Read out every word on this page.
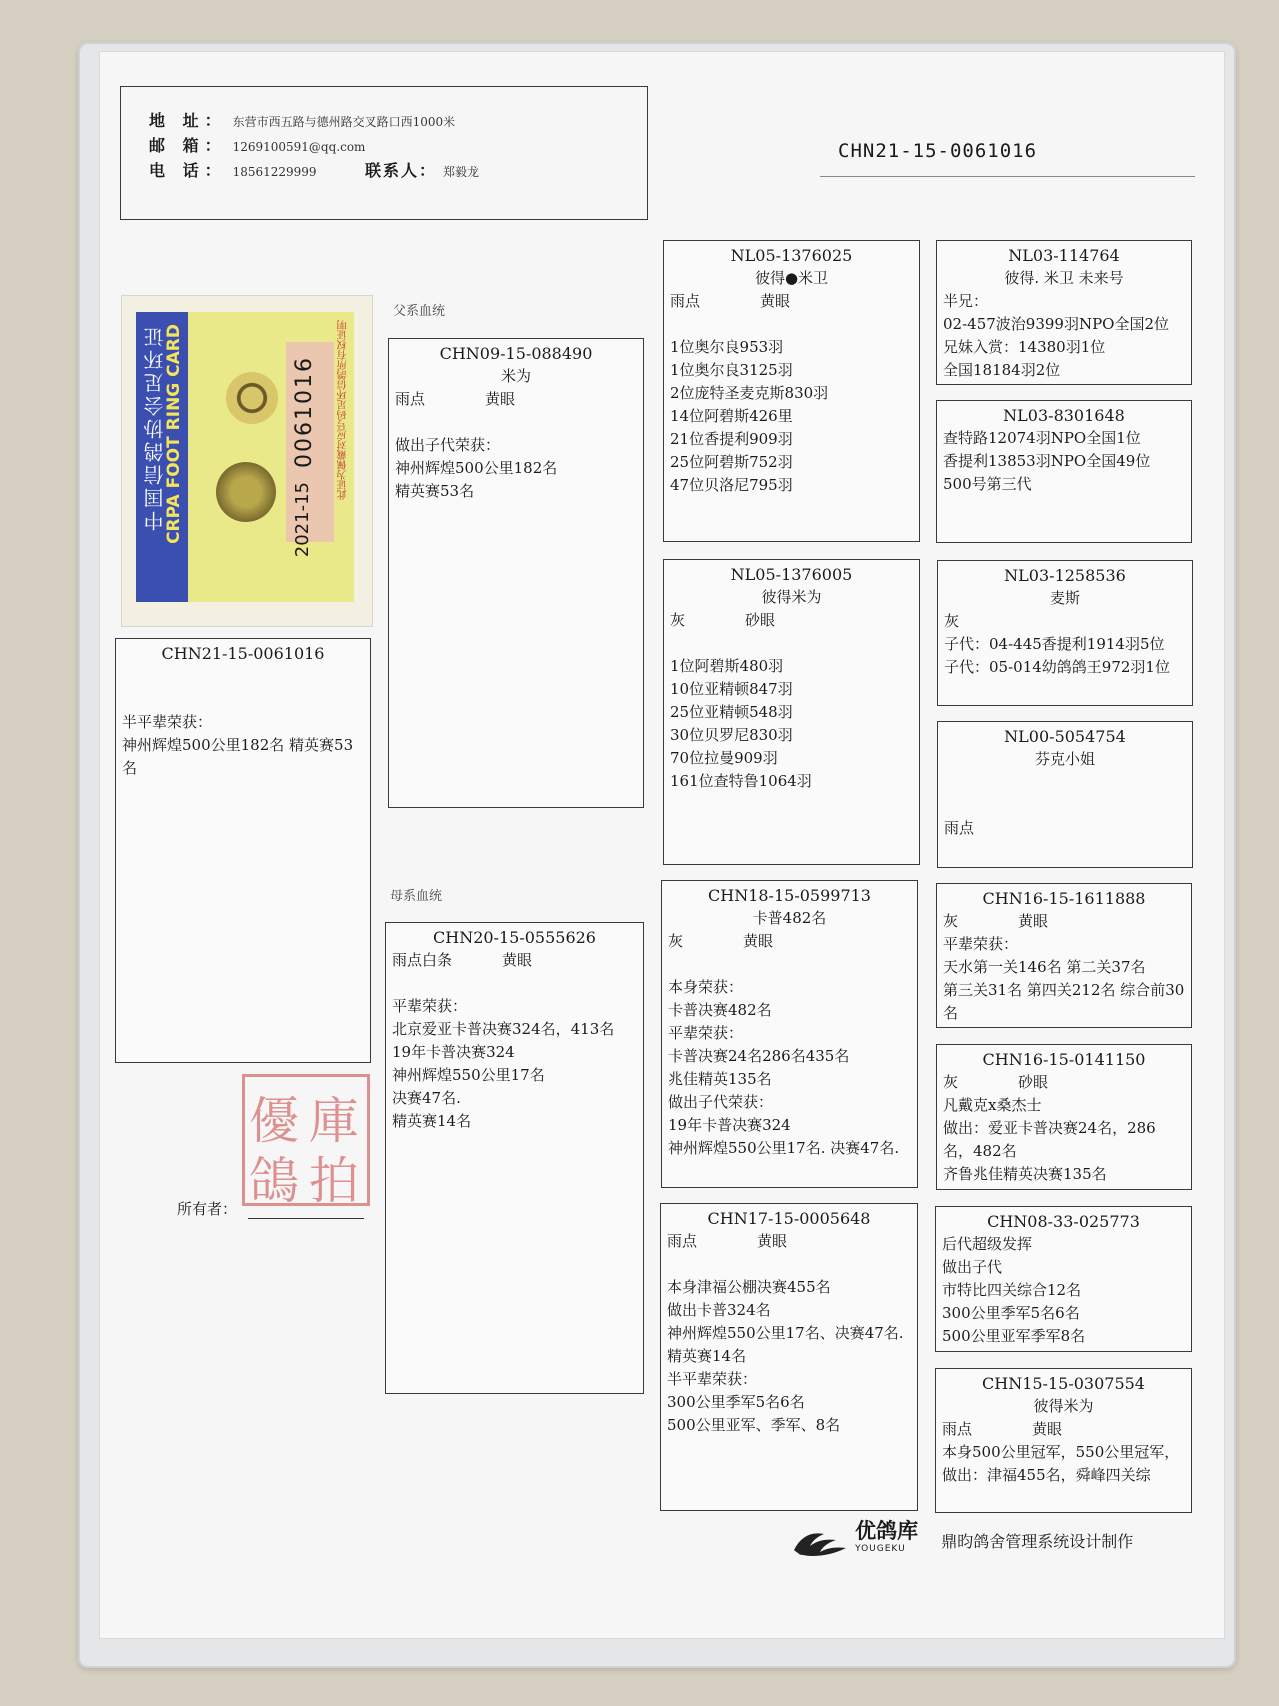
地 址： 东营市西五路与德州路交叉路口西1000米
邮 箱： 1269100591@qq.com
电 话： 18561229999	联系人： 郑毅龙
CHN21-15-0061016
中国信鸽协会足环证
CRPA FOOT RING CARD	0061016
2021-15
此证为佩戴对应号码足环信鸽所有权证明
父系血统
母系血统
CHN21-15-0061016
半平辈荣获：
神州辉煌500公里182名 精英赛53名
所有者：
優
鴿
庫
拍
CHN09-15-088490
米为
雨点	黄眼
做出子代荣获：
神州辉煌500公里182名
精英赛53名
CHN20-15-0555626
雨点白条	黄眼
平辈荣获：
北京爱亚卡普决赛324名，413名
19年卡普决赛324
神州辉煌550公里17名
决赛47名.
精英赛14名
NL05-1376025
彼得●米卫
雨点	黄眼
1位奥尔良953羽
1位奥尔良3125羽
2位庞特圣麦克斯830羽
14位阿碧斯426里
21位香提利909羽
25位阿碧斯752羽
47位贝洛尼795羽
NL05-1376005
彼得米为
灰	砂眼
1位阿碧斯480羽
10位亚精顿847羽
25位亚精顿548羽
30位贝罗尼830羽
70位拉曼909羽
161位查特鲁1064羽
CHN18-15-0599713
卡普482名
灰	黄眼
本身荣获：
卡普决赛482名
平辈荣获：
卡普决赛24名286名435名
兆佳精英135名
做出子代荣获：
19年卡普决赛324
神州辉煌550公里17名. 决赛47名.
CHN17-15-0005648
雨点	黄眼
本身津福公棚决赛455名
做出卡普324名
神州辉煌550公里17名、决赛47名.
精英赛14名
半平辈荣获：
300公里季军5名6名
500公里亚军、季军、8名
NL03-114764
彼得. 米卫 未来号
半兄：
02-457波治9399羽NPO全国2位
兄妹入赏：14380羽1位
全国18184羽2位
NL03-8301648
查特路12074羽NPO全国1位
香提利13853羽NPO全国49位
500号第三代
NL03-1258536
麦斯
灰
子代：04-445香提利1914羽5位
子代：05-014幼鸽鸽王972羽1位
NL00-5054754
芬克小姐

雨点

CHN16-15-1611888
灰	黄眼
平辈荣获：
天水第一关146名 第二关37名
第三关31名 第四关212名 综合前30名
CHN16-15-0141150
灰	砂眼
凡戴克x桑杰士
做出：爱亚卡普决赛24名，286名，482名
齐鲁兆佳精英决赛135名
CHN08-33-025773
后代超级发挥
做出子代
市特比四关综合12名
300公里季军5名6名
500公里亚军季军8名
CHN15-15-0307554
彼得米为
雨点	黄眼
本身500公里冠军，550公里冠军，
做出：津福455名，舜峰四关综

优鸽库
YOUGEKU	鼎昀鸽舍管理系统设计制作
